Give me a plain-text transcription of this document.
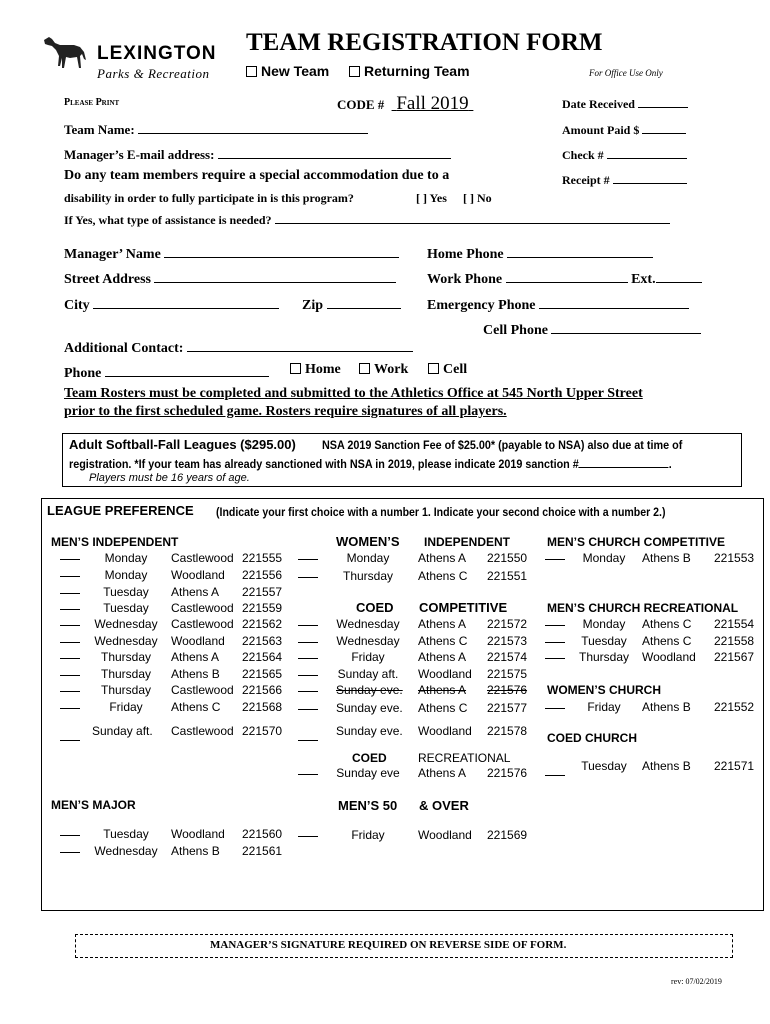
LEXINGTON
Parks & Recreation
TEAM REGISTRATION FORM
New Team	Returning Team
Please Print	CODE # Fall 2019
For Office Use Only
Date Received
Amount Paid $
Check #
Receipt #
Team Name:
Manager’s E-mail address:
Do any team members require a special accommodation due to a
disability in order to fully participate in is this program?	[ ] Yes [ ] No
If Yes, what type of assistance is needed?
Manager’ Name	Home Phone
Street Address	Work Phone	Ext.
City	Zip	Emergency Phone
Cell Phone
Additional Contact:
Phone	Home	Work	Cell
Team Rosters must be completed and submitted to the Athletics Office at 545 North Upper Street
prior to the first scheduled game. Rosters require signatures of all players.
Adult Softball-Fall Leagues ($295.00) NSA 2019 Sanction Fee of $25.00* (payable to NSA) also due at time of
registration. *If your team has already sanctioned with NSA in 2019, please indicate 2019 sanction #	.
Players must be 16 years of age.
LEAGUE PREFERENCE (Indicate your first choice with a number 1. Indicate your second choice with a number 2.)
MEN’S INDEPENDENT
MEN’S MAJOR
WOMEN’S INDEPENDENT
COED COMPETITIVE
COED	RECREATIONAL
MEN’S 50 & OVER
MEN’S CHURCH COMPETITIVE
MEN’S CHURCH RECREATIONAL
WOMEN’S CHURCH
COED CHURCH
MANAGER’S SIGNATURE REQUIRED ON REVERSE SIDE OF FORM.
rev: 07/02/2019
Monday	Castlewood 221555
Monday	Woodland 221556
Tuesday	Athens A 221557
Tuesday	Castlewood 221559
Wednesday Castlewood 221562
Wednesday Woodland 221563
Thursday	Athens A 221564
Thursday	Athens B 221565
Thursday	Castlewood 221566
Friday	Athens C 221568
Sunday aft. Castlewood 221570
Tuesday	Woodland 221560
Wednesday Athens B 221561
Monday	Athens A 221550
Thursday	Athens C 221551
Wednesday Athens A 221572
Wednesday Athens C 221573
Friday	Athens A 221574
Sunday aft. Woodland 221575
Sunday eve. Athens A 221576
Sunday eve. Athens C 221577
Sunday eve. Woodland 221578
Sunday eve Athens A 221576
Friday	Woodland 221569
Monday Athens B 221553
Monday	Athens C 221554
Tuesday Athens C 221558
Thursday Woodland 221567
Friday	Athens B 221552
Tuesday Athens B 221571
